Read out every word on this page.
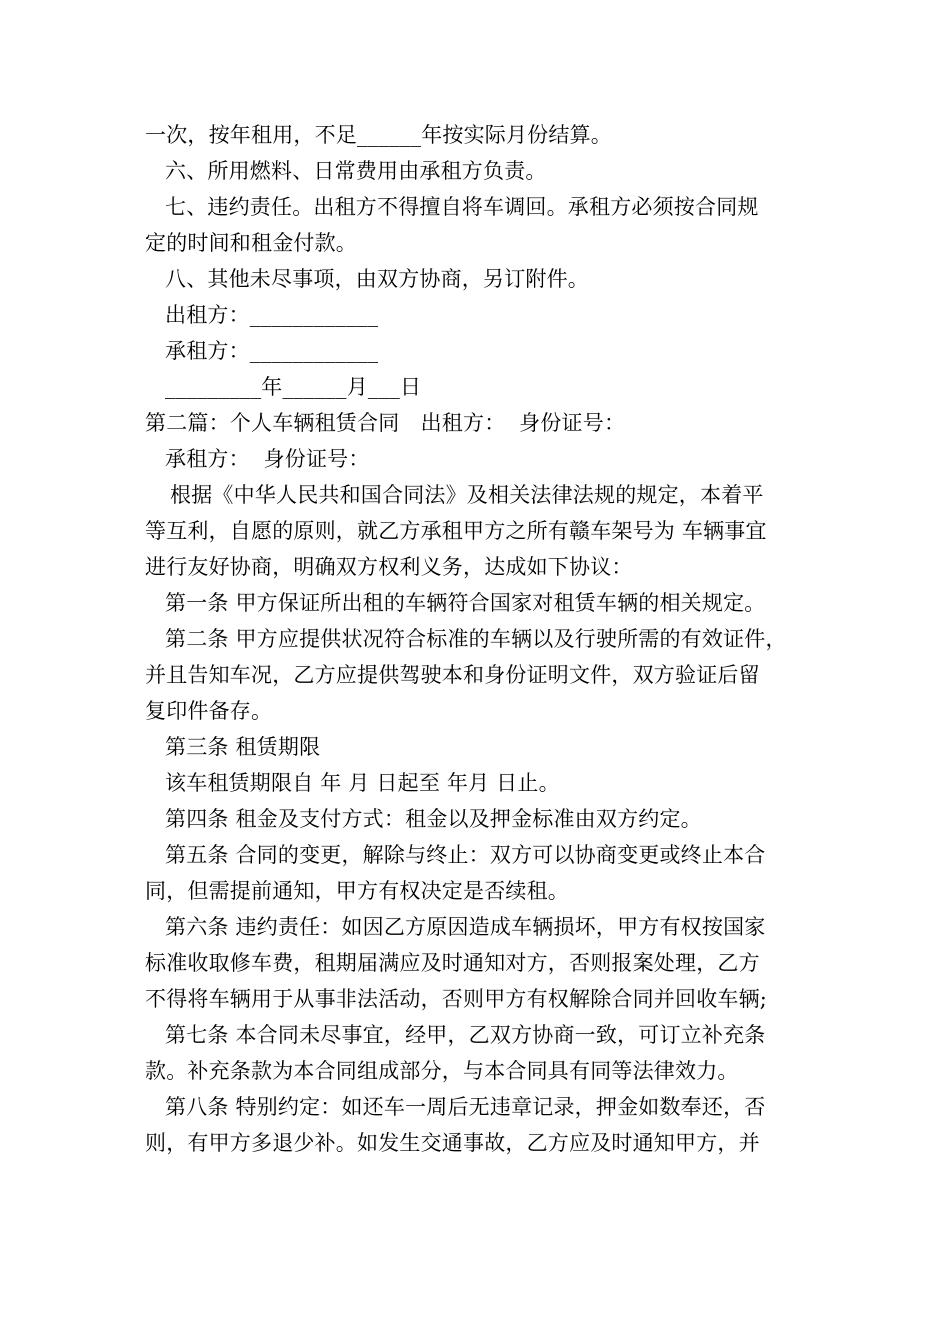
一次，按年租用，不足______年按实际月份结算。
六、所用燃料、日常费用由承租方负责。
七、违约责任。出租方不得擅自将车调回。承租方必须按合同规
定的时间和租金付款。
八、其他未尽事项，由双方协商，另订附件。
出租方：____________
承租方：____________
_________年______月___日
第二篇：个人车辆租赁合同　出租方：  身份证号：
承租方：  身份证号：
根据《中华人民共和国合同法》及相关法律法规的规定，本着平
等互利，自愿的原则，就乙方承租甲方之所有赣车架号为 车辆事宜
进行友好协商，明确双方权利义务，达成如下协议：
第一条 甲方保证所出租的车辆符合国家对租赁车辆的相关规定。
第二条 甲方应提供状况符合标准的车辆以及行驶所需的有效证件，
并且告知车况，乙方应提供驾驶本和身份证明文件，双方验证后留
复印件备存。
第三条 租赁期限
该车租赁期限自 年 月 日起至 年月 日止。
第四条 租金及支付方式：租金以及押金标准由双方约定。
第五条 合同的变更，解除与终止：双方可以协商变更或终止本合
同，但需提前通知，甲方有权决定是否续租。
第六条 违约责任：如因乙方原因造成车辆损坏，甲方有权按国家
标准收取修车费，租期届满应及时通知对方，否则报案处理，乙方
不得将车辆用于从事非法活动，否则甲方有权解除合同并回收车辆;
第七条 本合同未尽事宜，经甲，乙双方协商一致，可订立补充条
款。补充条款为本合同组成部分，与本合同具有同等法律效力。
第八条 特别约定：如还车一周后无违章记录，押金如数奉还，否
则，有甲方多退少补。如发生交通事故，乙方应及时通知甲方，并
